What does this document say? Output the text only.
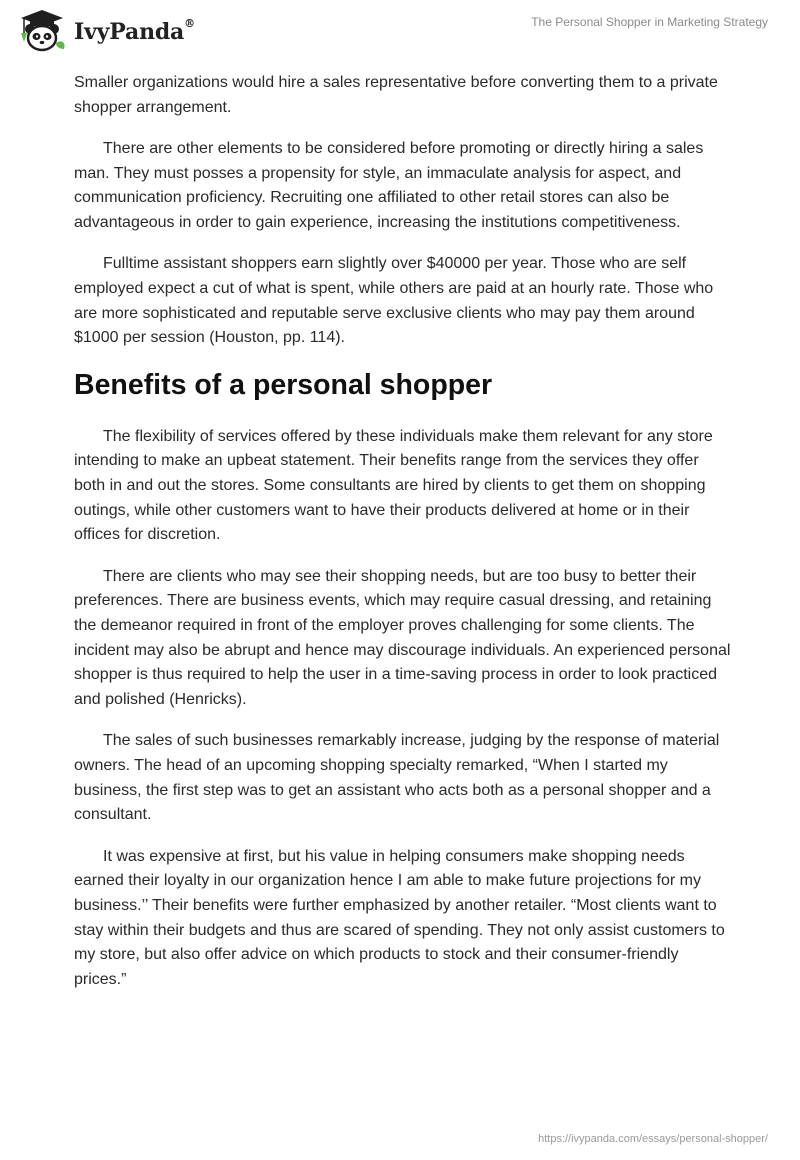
IvyPanda®	The Personal Shopper in Marketing Strategy

Smaller organizations would hire a sales representative before converting them to a private shopper arrangement.

There are other elements to be considered before promoting or directly hiring a sales man. They must posses a propensity for style, an immaculate analysis for aspect, and communication proficiency. Recruiting one affiliated to other retail stores can also be advantageous in order to gain experience, increasing the institutions competitiveness.

Fulltime assistant shoppers earn slightly over $40000 per year. Those who are self employed expect a cut of what is spent, while others are paid at an hourly rate. Those who are more sophisticated and reputable serve exclusive clients who may pay them around $1000 per session (Houston, pp. 114).

Benefits of a personal shopper

The flexibility of services offered by these individuals make them relevant for any store intending to make an upbeat statement. Their benefits range from the services they offer both in and out the stores. Some consultants are hired by clients to get them on shopping outings, while other customers want to have their products delivered at home or in their offices for discretion.

There are clients who may see their shopping needs, but are too busy to better their preferences. There are business events, which may require casual dressing, and retaining the demeanor required in front of the employer proves challenging for some clients. The incident may also be abrupt and hence may discourage individuals. An experienced personal shopper is thus required to help the user in a time-saving process in order to look practiced and polished (Henricks).

The sales of such businesses remarkably increase, judging by the response of material owners. The head of an upcoming shopping specialty remarked, “When I started my business, the first step was to get an assistant who acts both as a personal shopper and a consultant.

It was expensive at first, but his value in helping consumers make shopping needs earned their loyalty in our organization hence I am able to make future projections for my business.’’ Their benefits were further emphasized by another retailer. “Most clients want to stay within their budgets and thus are scared of spending. They not only assist customers to my store, but also offer advice on which products to stock and their consumer-friendly prices.”

https://ivypanda.com/essays/personal-shopper/
